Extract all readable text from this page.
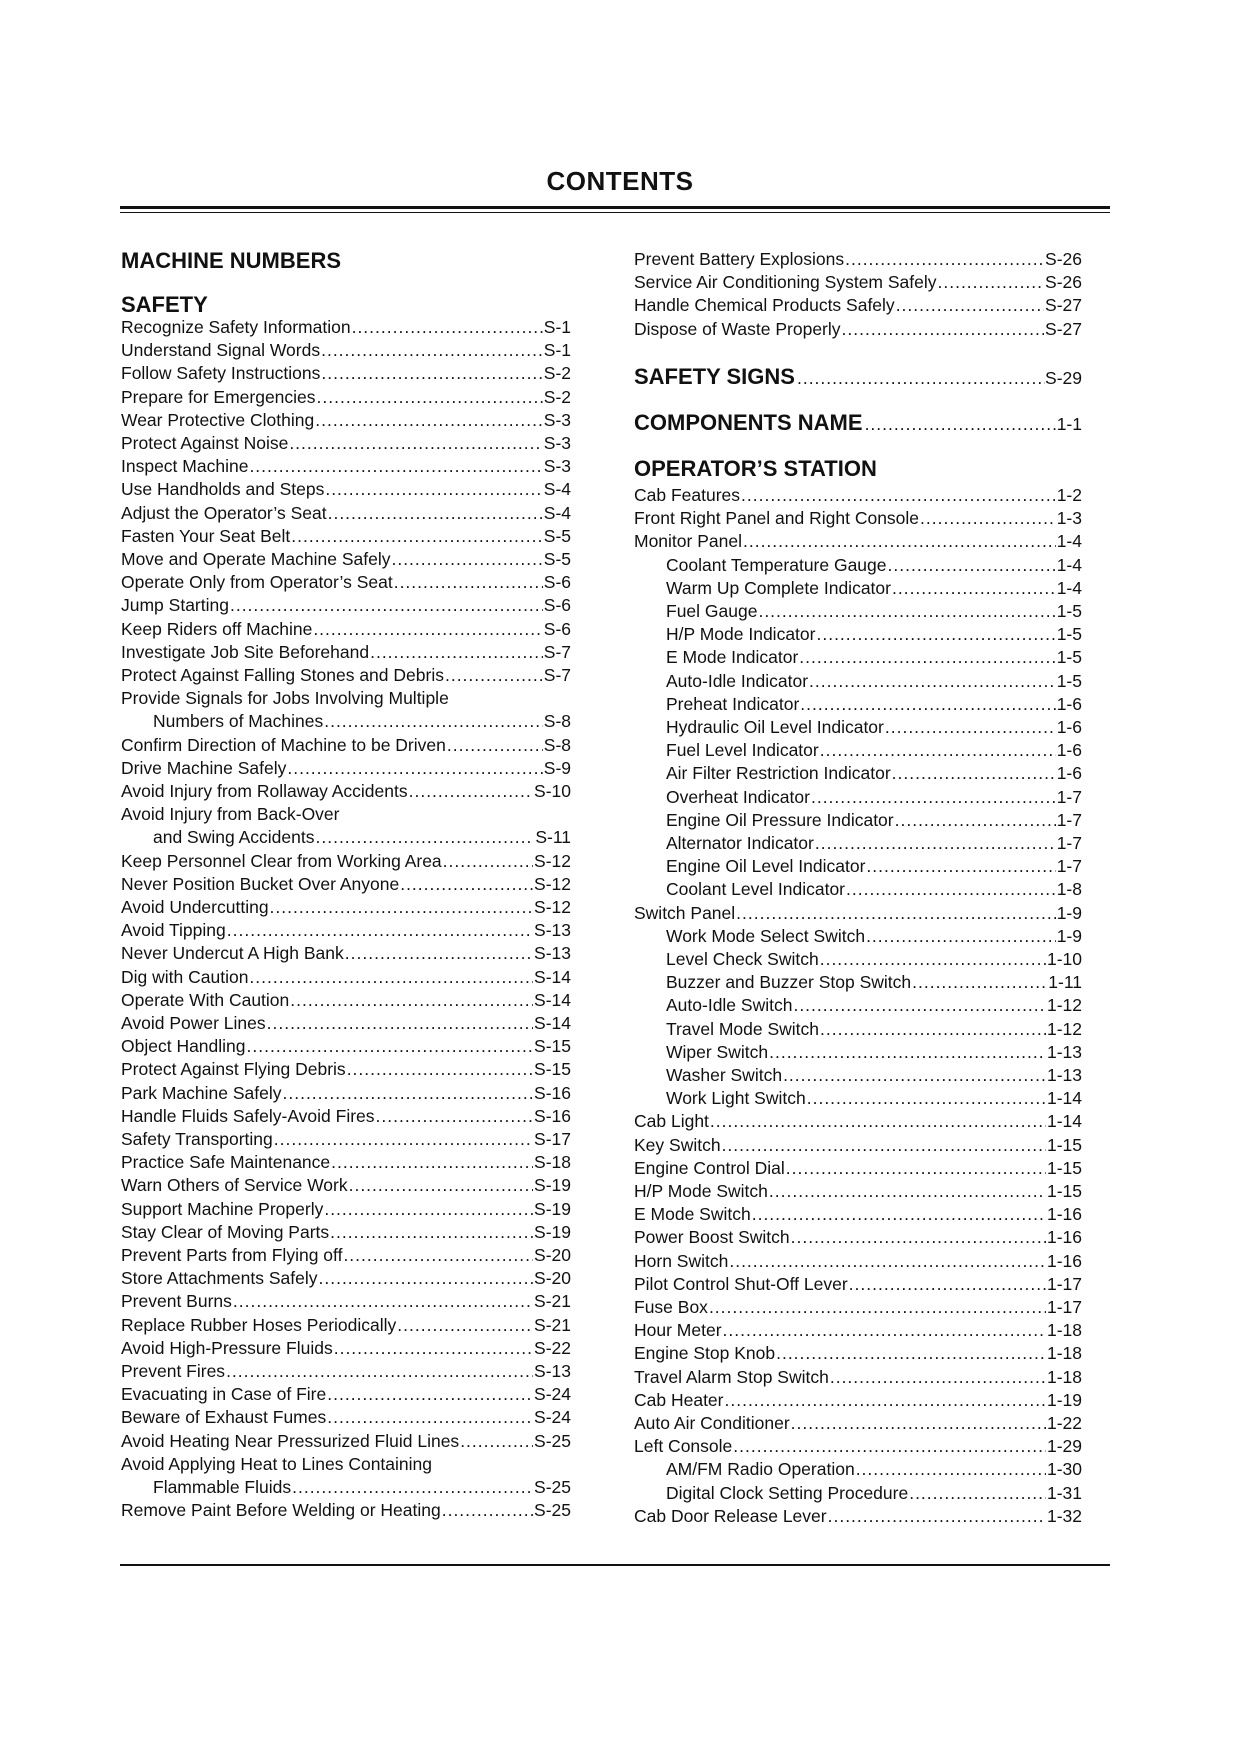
CONTENTS
MACHINE NUMBERS
SAFETY
Recognize Safety Information .....	S-1
Understand Signal Words .....	S-1
Follow Safety Instructions .....	S-2
Prepare for Emergencies .....	S-2
Wear Protective Clothing .....	S-3
Protect Against Noise .....	S-3
Inspect Machine .....	S-3
Use Handholds and Steps .....	S-4
Adjust the Operator’s Seat .....	S-4
Fasten Your Seat Belt .....	S-5
Move and Operate Machine Safely .....	S-5
Operate Only from Operator’s Seat .....	S-6
Jump Starting .....	S-6
Keep Riders off Machine .....	S-6
Investigate Job Site Beforehand .....	S-7
Protect Against Falling Stones and Debris .....	S-7
Provide Signals for Jobs Involving Multiple
Numbers of Machines .....	S-8
Confirm Direction of Machine to be Driven .....	S-8
Drive Machine Safely .....	S-9
Avoid Injury from Rollaway Accidents .....	S-10
Avoid Injury from Back-Over
and Swing Accidents .....	S-11
Keep Personnel Clear from Working Area .....	S-12
Never Position Bucket Over Anyone .....	S-12
Avoid Undercutting .....	S-12
Avoid Tipping .....	S-13
Never Undercut A High Bank .....	S-13
Dig with Caution .....	S-14
Operate With Caution .....	S-14
Avoid Power Lines .....	S-14
Object Handling .....	S-15
Protect Against Flying Debris .....	S-15
Park Machine Safely .....	S-16
Handle Fluids Safely-Avoid Fires .....	S-16
Safety Transporting .....	S-17
Practice Safe Maintenance .....	S-18
Warn Others of Service Work .....	S-19
Support Machine Properly .....	S-19
Stay Clear of Moving Parts .....	S-19
Prevent Parts from Flying off .....	S-20
Store Attachments Safely .....	S-20
Prevent Burns .....	S-21
Replace Rubber Hoses Periodically .....	S-21
Avoid High-Pressure Fluids .....	S-22
Prevent Fires .....	S-13
Evacuating in Case of Fire .....	S-24
Beware of Exhaust Fumes .....	S-24
Avoid Heating Near Pressurized Fluid Lines .....	S-25
Avoid Applying Heat to Lines Containing
Flammable Fluids .....	S-25
Remove Paint Before Welding or Heating .....	S-25
SAFETY SIGNS .....	S-29
COMPONENTS NAME .....	1-1
OPERATOR’S STATION
Prevent Battery Explosions .....	S-26
Service Air Conditioning System Safely .....	S-26
Handle Chemical Products Safely .....	S-27
Dispose of Waste Properly .....	S-27
Cab Features .....	1-2
Front Right Panel and Right Console .....	1-3
Monitor Panel .....	1-4
Coolant Temperature Gauge .....	1-4
Warm Up Complete Indicator .....	1-4
Fuel Gauge .....	1-5
H/P Mode Indicator .....	1-5
E Mode Indicator .....	1-5
Auto-Idle Indicator .....	1-5
Preheat Indicator .....	1-6
Hydraulic Oil Level Indicator .....	1-6
Fuel Level Indicator .....	1-6
Air Filter Restriction Indicator .....	1-6
Overheat Indicator .....	1-7
Engine Oil Pressure Indicator .....	1-7
Alternator Indicator .....	1-7
Engine Oil Level Indicator .....	1-7
Coolant Level Indicator .....	1-8
Switch Panel .....	1-9
Work Mode Select Switch .....	1-9
Level Check Switch .....	1-10
Buzzer and Buzzer Stop Switch .....	1-11
Auto-Idle Switch .....	1-12
Travel Mode Switch .....	1-12
Wiper Switch .....	1-13
Washer Switch .....	1-13
Work Light Switch .....	1-14
Cab Light .....	1-14
Key Switch .....	1-15
Engine Control Dial .....	1-15
H/P Mode Switch .....	1-15
E Mode Switch .....	1-16
Power Boost Switch .....	1-16
Horn Switch .....	1-16
Pilot Control Shut-Off Lever .....	1-17
Fuse Box .....	1-17
Hour Meter .....	1-18
Engine Stop Knob .....	1-18
Travel Alarm Stop Switch .....	1-18
Cab Heater .....	1-19
Auto Air Conditioner .....	1-22
Left Console .....	1-29
AM/FM Radio Operation .....	1-30
Digital Clock Setting Procedure .....	1-31
Cab Door Release Lever .....	1-32
